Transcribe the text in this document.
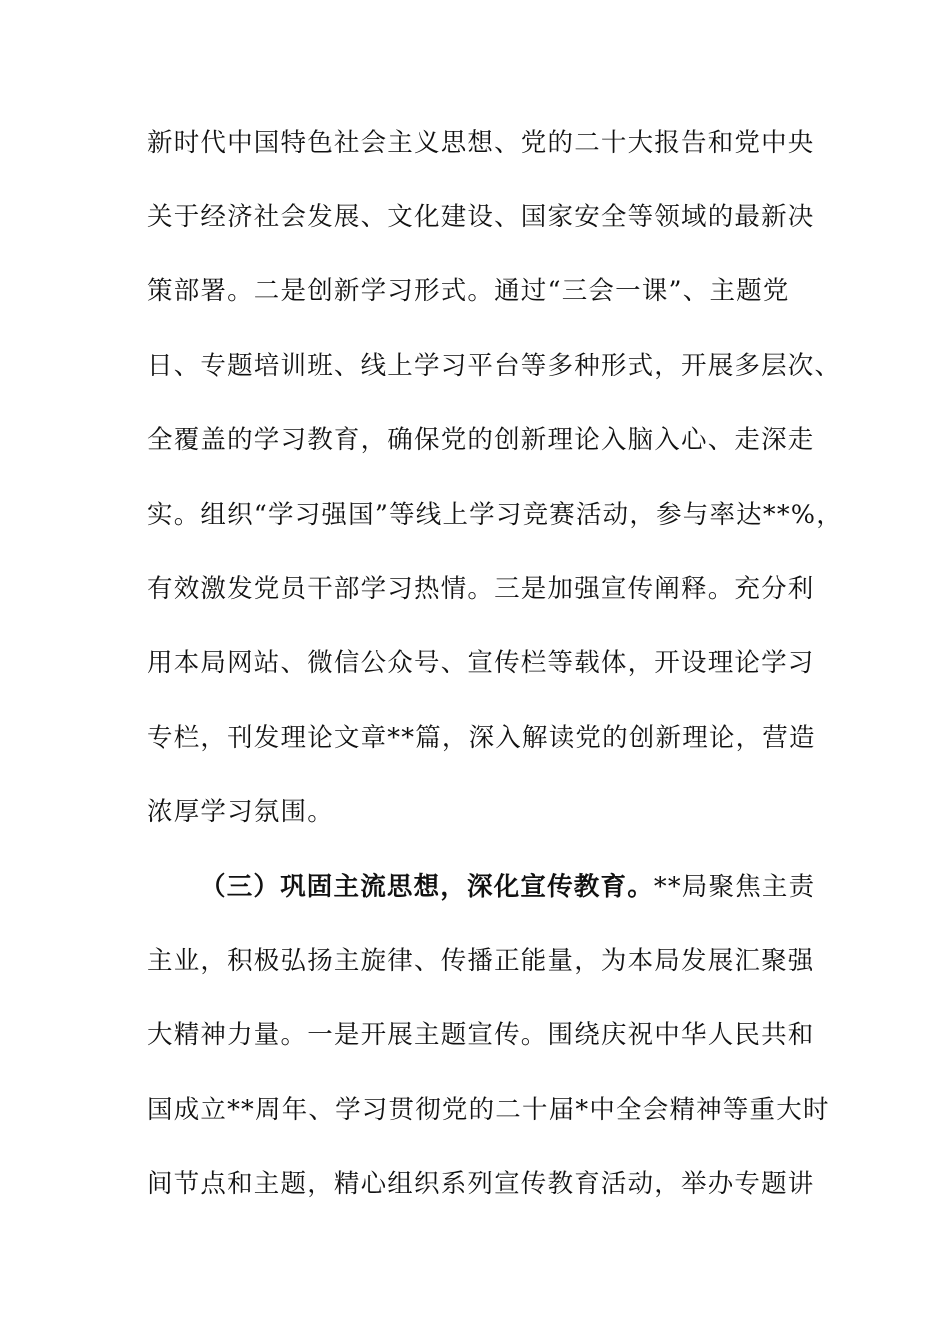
新时代中国特色社会主义思想、党的二十大报告和党中央
关于经济社会发展、文化建设、国家安全等领域的最新决
策部署。二是创新学习形式。通过“三会一课”、主题党
日、专题培训班、线上学习平台等多种形式，开展多层次、
全覆盖的学习教育，确保党的创新理论入脑入心、走深走
实。组织“学习强国”等线上学习竞赛活动，参与率达**%，
有效激发党员干部学习热情。三是加强宣传阐释。充分利
用本局网站、微信公众号、宣传栏等载体，开设理论学习
专栏，刊发理论文章**篇，深入解读党的创新理论，营造
浓厚学习氛围。
（三）巩固主流思想，深化宣传教育。**局聚焦主责
主业，积极弘扬主旋律、传播正能量，为本局发展汇聚强
大精神力量。一是开展主题宣传。围绕庆祝中华人民共和
国成立**周年、学习贯彻党的二十届*中全会精神等重大时
间节点和主题，精心组织系列宣传教育活动，举办专题讲
